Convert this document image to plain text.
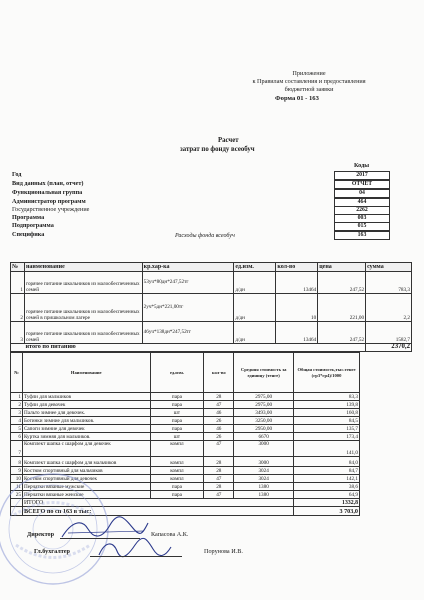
Приложение
к Правилам составления и предоставления
бюджетной заявки
Форма 01 - 163
Расчет
затрат по фонду всеобуч
Коды
Год	2017
Вид данных (план, отчет)	ОТЧЕТ
Функциональная группа	04
Администратор программ	464
Государственное учреждение	2262
Программа	003
Подпрограмма	015
Специфика	Расходы фонда всеобуч	163
№	наименование	кр.хар-ка	ед.изм.	кол-во	цена	сумма
1	горячее питание школьников из малообеспеченных семей	53уч*80дн*247,52тг	д/дн	13464	247,52	783,3
2	горячее питание школьников из малообеспеченных семей в пришкольном лагере	2уч*5дн*221,00тг	д/дн	10	221,00	2,2
3	горячее питание школьников из малообеспеченных семей	46уч*138дн*247,52тг	д/дн	13464	247,52	1582,7
	итого по питанию					2370,2
№	Наименование	ед.изм.	кол-во	Средняя стоимость за единицу (тенге)	Общая стоимость,тыс.тенге (гр3*гр4)/1000
1	Туфли для мальчиков	пара	28	2975,00	83,3
2	Туфли для девочек	пара	47	2975,00	139,8
3	Пальто зимнее для девочек.	шт	46	3493,00	160,8
4	Ботинки зимние для мальчиков.	пара	26	3250,00	84,5
5	Сапоги зимние для девочек	пара	46	2950,00	135,7
6	Куртка зимняя для мальчиков.	шт	26	6670	173,4
7	Комплект шапка с шарфом для девочек	компл	47	3000	141,0
8	Комплект шапка с шарфом для мальчиков	компл	28	3000	84,0
9	Костюм спортивный для мальчиков	компл	28	3024	84,7
10	Костюм спортивный для девочек	компл	47	3024	142,1
11	Перчатки вязаные мужские	пара	28	1380	38,6
25	Перчатки вязаные женские	пара	47	1380	64,9
	ИТОГО				1332,8
	ВСЕГО по сп 163 в тыс:				3 703,0
Директор	Капасова А.К.
Гл.бухгалтер	Порунова И.В.
